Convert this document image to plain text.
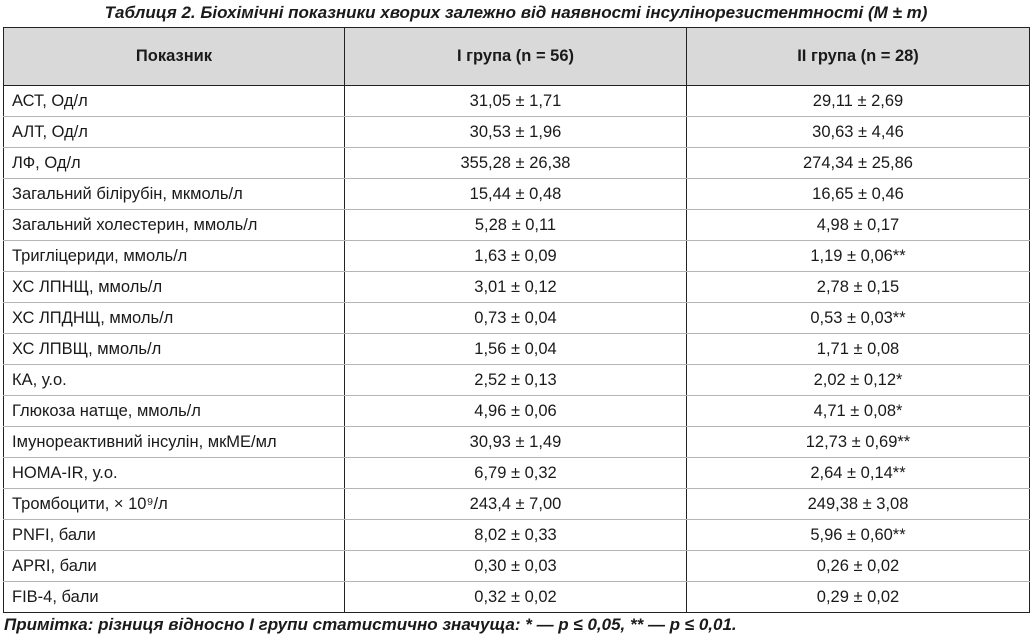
Таблиця 2. Біохімічні показники хворих залежно від наявності інсулінорезистентності (M ± m)
Показник	I група (n = 56)	II група (n = 28)
АСТ, Од/л	31,05 ± 1,71	29,11 ± 2,69
АЛТ, Од/л	30,53 ± 1,96	30,63 ± 4,46
ЛФ, Од/л	355,28 ± 26,38	274,34 ± 25,86
Загальний білірубін, мкмоль/л	15,44 ± 0,48	16,65 ± 0,46
Загальний холестерин, ммоль/л	5,28 ± 0,11	4,98 ± 0,17
Тригліцериди, ммоль/л	1,63 ± 0,09	1,19 ± 0,06**
ХС ЛПНЩ, ммоль/л	3,01 ± 0,12	2,78 ± 0,15
ХС ЛПДНЩ, ммоль/л	0,73 ± 0,04	0,53 ± 0,03**
ХС ЛПВЩ, ммоль/л	1,56 ± 0,04	1,71 ± 0,08
КА, у.о.	2,52 ± 0,13	2,02 ± 0,12*
Глюкоза натще, ммоль/л	4,96 ± 0,06	4,71 ± 0,08*
Імунореактивний інсулін, мкМЕ/мл	30,93 ± 1,49	12,73 ± 0,69**
HOMA-IR, у.о.	6,79 ± 0,32	2,64 ± 0,14**
Тромбоцити, × 10⁹/л	243,4 ± 7,00	249,38 ± 3,08
PNFI, бали	8,02 ± 0,33	5,96 ± 0,60**
APRI, бали	0,30 ± 0,03	0,26 ± 0,02
FIB-4, бали	0,32 ± 0,02	0,29 ± 0,02
Примітка: різниця відносно I групи статистично значуща: * — p ≤ 0,05, ** — p ≤ 0,01.
